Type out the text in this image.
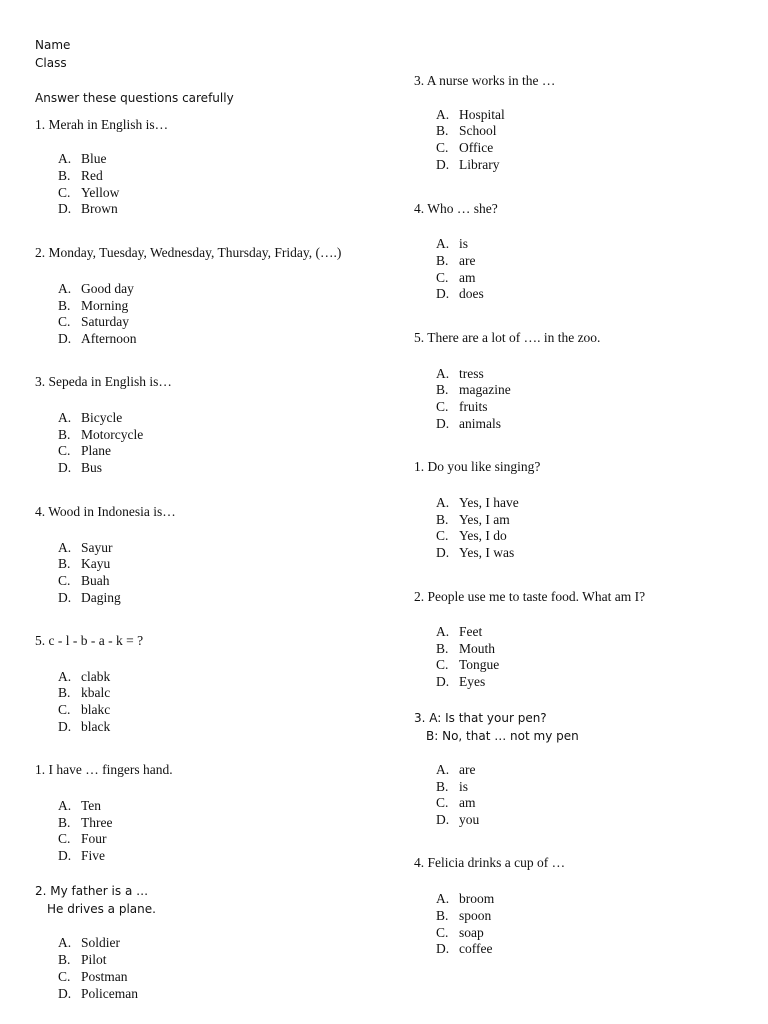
Name
Class
Answer these questions carefully
1. Merah in English is…
A. Blue
B. Red
C. Yellow
D. Brown
2. Monday, Tuesday, Wednesday, Thursday, Friday, (….)
A. Good day
B. Morning
C. Saturday
D. Afternoon
3. Sepeda in English is…
A. Bicycle
B. Motorcycle
C. Plane
D. Bus
4. Wood in Indonesia is…
A. Sayur
B. Kayu
C. Buah
D. Daging
5. c - l - b - a - k = ?
A. clabk
B. kbalc
C. blakc
D. black
1. I have … fingers hand.
A. Ten
B. Three
C. Four
D. Five
2. My father is a …
He drives a plane.
A. Soldier
B. Pilot
C. Postman
D. Policeman
3. A nurse works in the …
A. Hospital
B. School
C. Office
D. Library
4. Who … she?
A. is
B. are
C. am
D. does
5. There are a lot of …. in the zoo.
A. tress
B. magazine
C. fruits
D. animals
1. Do you like singing?
A. Yes, I have
B. Yes, I am
C. Yes, I do
D. Yes, I was
2. People use me to taste food. What am I?
A. Feet
B. Mouth
C. Tongue
D. Eyes
3. A: Is that your pen?
B: No, that … not my pen
A. are
B. is
C. am
D. you
4. Felicia drinks a cup of …
A. broom
B. spoon
C. soap
D. coffee
